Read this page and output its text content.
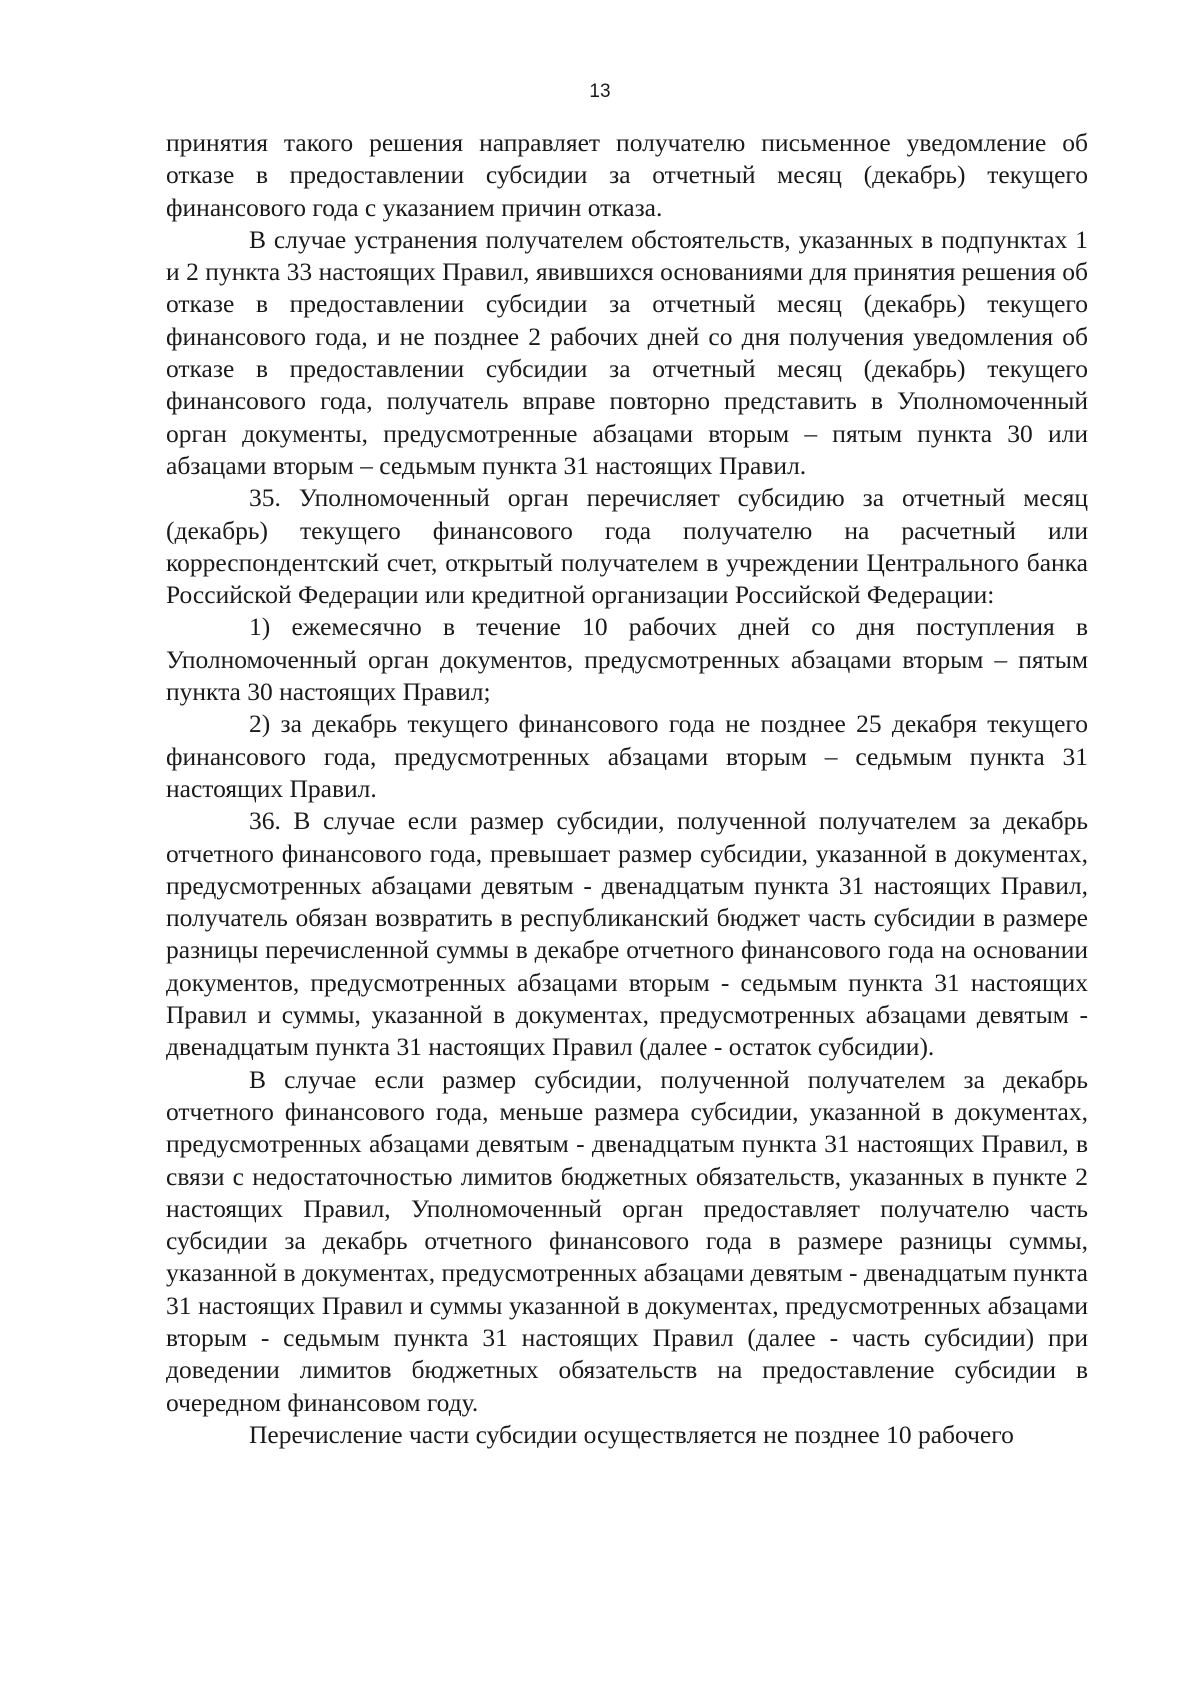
13

принятия такого решения направляет получателю письменное уведомление об отказе в предоставлении субсидии за отчетный месяц (декабрь) текущего финансового года с указанием причин отказа.

В случае устранения получателем обстоятельств, указанных в подпунктах 1 и 2 пункта 33 настоящих Правил, явившихся основаниями для принятия решения об отказе в предоставлении субсидии за отчетный месяц (декабрь) текущего финансового года, и не позднее 2 рабочих дней со дня получения уведомления об отказе в предоставлении субсидии за отчетный месяц (декабрь) текущего финансового года, получатель вправе повторно представить в Уполномоченный орган документы, предусмотренные абзацами вторым – пятым пункта 30 или абзацами вторым – седьмым пункта 31 настоящих Правил.

35. Уполномоченный орган перечисляет субсидию за отчетный месяц (декабрь) текущего финансового года получателю на расчетный или корреспондентский счет, открытый получателем в учреждении Центрального банка Российской Федерации или кредитной организации Российской Федерации:

1) ежемесячно в течение 10 рабочих дней со дня поступления в Уполномоченный орган документов, предусмотренных абзацами вторым – пятым пункта 30 настоящих Правил;

2) за декабрь текущего финансового года не позднее 25 декабря текущего финансового года, предусмотренных абзацами вторым – седьмым пункта 31 настоящих Правил.

36. В случае если размер субсидии, полученной получателем за декабрь отчетного финансового года, превышает размер субсидии, указанной в документах, предусмотренных абзацами девятым - двенадцатым пункта 31 настоящих Правил, получатель обязан возвратить в республиканский бюджет часть субсидии в размере разницы перечисленной суммы в декабре отчетного финансового года на основании документов, предусмотренных абзацами вторым - седьмым пункта 31 настоящих Правил и суммы, указанной в документах, предусмотренных абзацами девятым - двенадцатым пункта 31 настоящих Правил (далее - остаток субсидии).

В случае если размер субсидии, полученной получателем за декабрь отчетного финансового года, меньше размера субсидии, указанной в документах, предусмотренных абзацами девятым - двенадцатым пункта 31 настоящих Правил, в связи с недостаточностью лимитов бюджетных обязательств, указанных в пункте 2 настоящих Правил, Уполномоченный орган предоставляет получателю часть субсидии за декабрь отчетного финансового года в размере разницы суммы, указанной в документах, предусмотренных абзацами девятым - двенадцатым пункта 31 настоящих Правил и суммы указанной в документах, предусмотренных абзацами вторым - седьмым пункта 31 настоящих Правил (далее - часть субсидии) при доведении лимитов бюджетных обязательств на предоставление субсидии в очередном финансовом году.

Перечисление части субсидии осуществляется не позднее 10 рабочего
